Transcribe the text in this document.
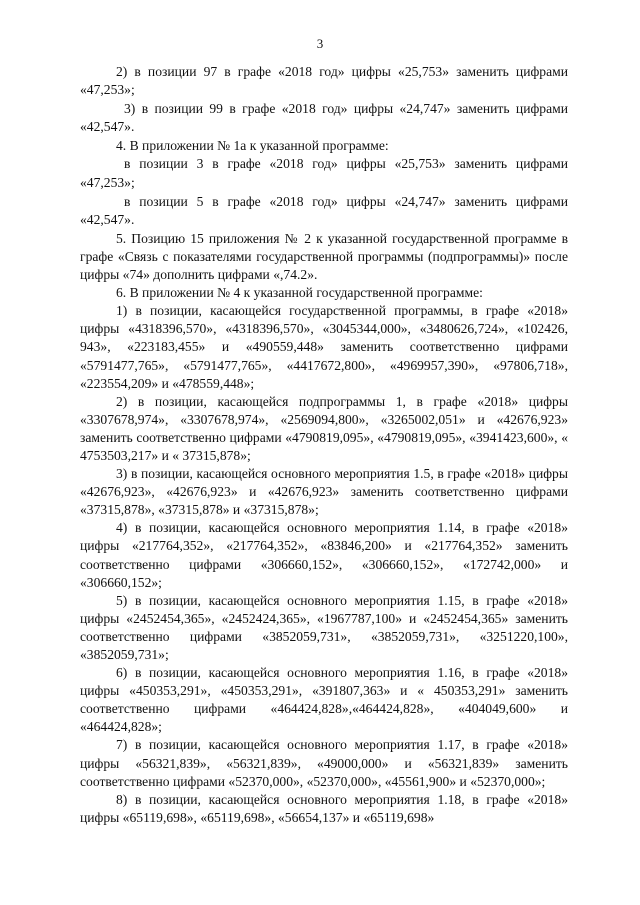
3

2) в позиции 97 в графе «2018 год» цифры «25,753» заменить цифрами «47,253»;

3) в позиции 99 в графе «2018 год» цифры «24,747» заменить цифрами «42,547».

4. В приложении № 1а к указанной программе:

в позиции 3 в графе «2018 год» цифры «25,753» заменить цифрами «47,253»;

в позиции 5 в графе «2018 год» цифры «24,747» заменить цифрами «42,547».

5. Позицию 15 приложения № 2 к указанной государственной программе в графе «Связь с показателями государственной программы (подпрограммы)» после цифры «74» дополнить цифрами «,74.2».

6. В приложении № 4 к указанной государственной программе:

1) в позиции, касающейся государственной программы, в графе «2018» цифры «4318396,570», «4318396,570», «3045344,000», «3480626,724», «102426, 943», «223183,455» и «490559,448» заменить соответственно цифрами «5791477,765», «5791477,765», «4417672,800», «4969957,390», «97806,718», «223554,209» и «478559,448»;

2) в позиции, касающейся подпрограммы 1, в графе «2018» цифры «3307678,974», «3307678,974», «2569094,800», «3265002,051» и «42676,923» заменить соответственно цифрами «4790819,095», «4790819,095», «3941423,600», « 4753503,217» и « 37315,878»;

3) в позиции, касающейся основного мероприятия 1.5, в графе «2018» цифры «42676,923», «42676,923» и «42676,923» заменить соответственно цифрами «37315,878», «37315,878» и «37315,878»;

4) в позиции, касающейся основного мероприятия 1.14, в графе «2018» цифры «217764,352», «217764,352», «83846,200» и «217764,352» заменить соответственно цифрами «306660,152», «306660,152», «172742,000» и «306660,152»;

5) в позиции, касающейся основного мероприятия 1.15, в графе «2018» цифры «2452454,365», «2452424,365», «1967787,100» и «2452454,365» заменить соответственно цифрами «3852059,731», «3852059,731», «3251220,100», «3852059,731»;

6) в позиции, касающейся основного мероприятия 1.16, в графе «2018» цифры «450353,291», «450353,291», «391807,363» и « 450353,291» заменить соответственно цифрами «464424,828»,«464424,828», «404049,600» и «464424,828»;

7) в позиции, касающейся основного мероприятия 1.17, в графе «2018» цифры «56321,839», «56321,839», «49000,000» и «56321,839» заменить соответственно цифрами «52370,000», «52370,000», «45561,900» и «52370,000»;

8) в позиции, касающейся основного мероприятия 1.18, в графе «2018» цифры «65119,698», «65119,698», «56654,137» и «65119,698»
